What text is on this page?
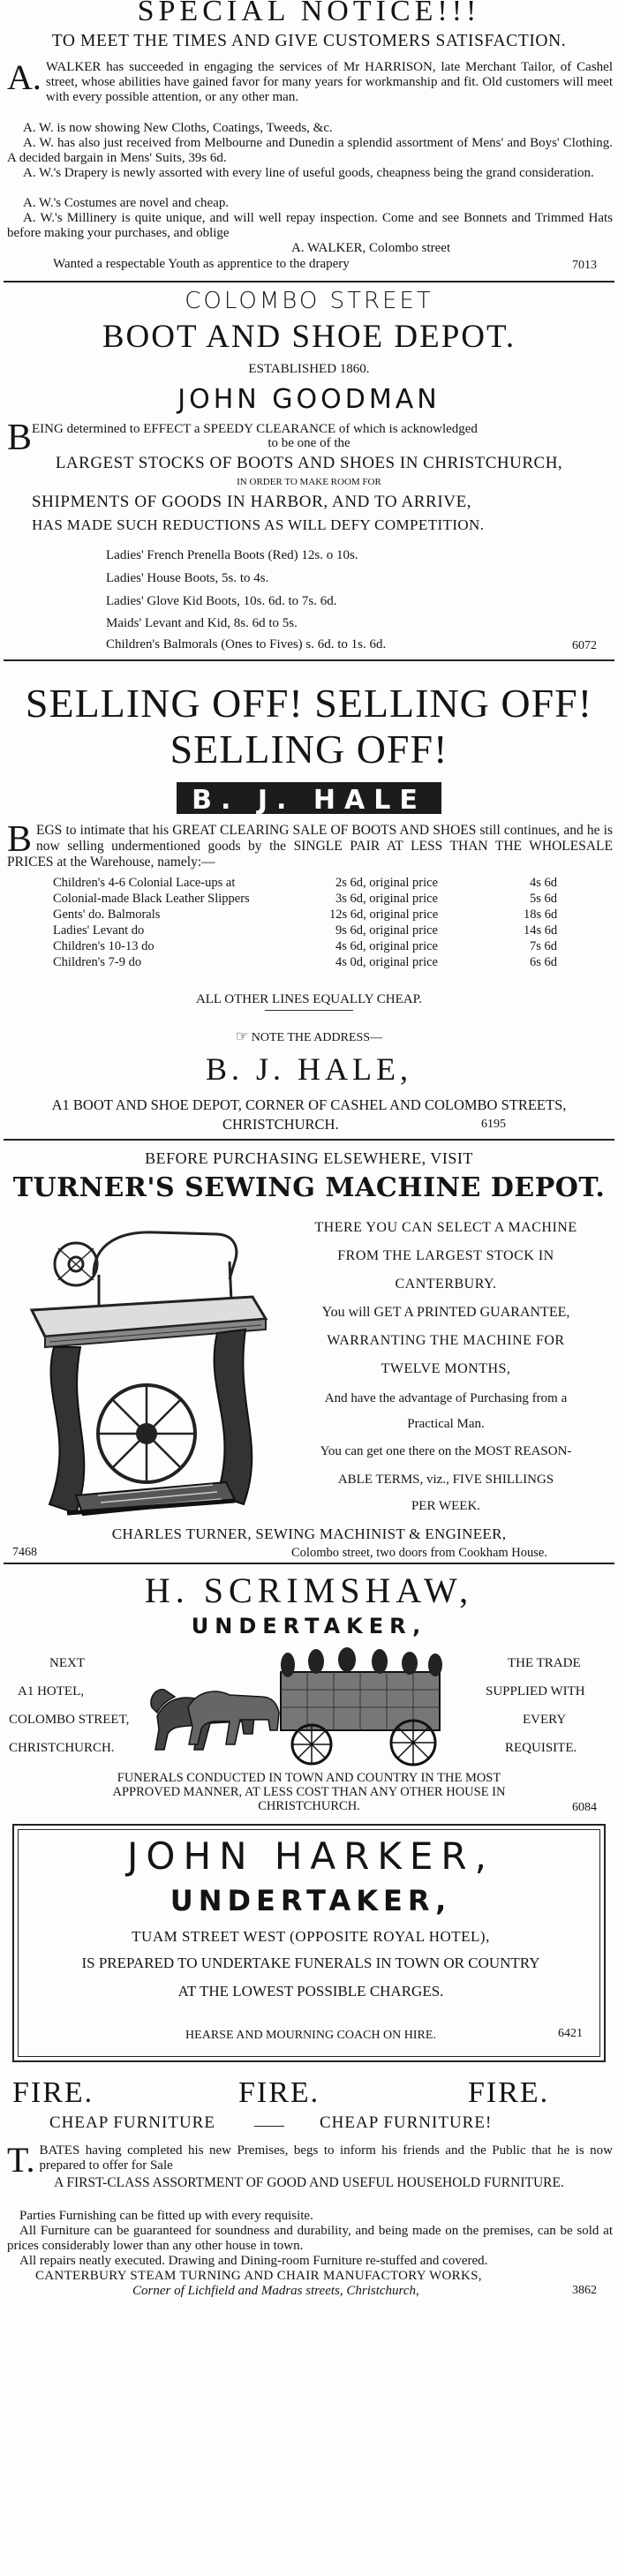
SPECIAL NOTICE!!!
TO MEET THE TIMES AND GIVE CUSTOMERS SATISFACTION.
A. WALKER has succeeded in engaging the services of Mr HARRISON, late Merchant Tailor, of Cashel street, whose abilities have gained favor for many years for workmanship and fit. Old customers will meet with every possible attention, or any other man.
A. W. is now showing New Cloths, Coatings, Tweeds, &c.
A. W. has also just received from Melbourne and Dunedin a splendid assortment of Mens' and Boys' Clothing. A decided bargain in Mens' Suits, 39s 6d.
A. W.'s Drapery is newly assorted with every line of useful goods, cheapness being the grand consideration.
A. W.'s Costumes are novel and cheap.
A. W.'s Millinery is quite unique, and will well repay inspection. Come and see Bonnets and Trimmed Hats before making your purchases, and oblige
A. WALKER, Colombo street
Wanted a respectable Youth as apprentice to the drapery	7013
COLOMBO STREET
BOOT AND SHOE DEPOT.
ESTABLISHED 1860.
JOHN GOODMAN
B EING determined to EFFECT a SPEEDY CLEARANCE of which is acknowledged
to be one of the
LARGEST STOCKS OF BOOTS AND SHOES IN CHRISTCHURCH,
IN ORDER TO MAKE ROOM FOR
SHIPMENTS OF GOODS IN HARBOR, AND TO ARRIVE,
HAS MADE SUCH REDUCTIONS AS WILL DEFY COMPETITION.
Ladies' French Prenella Boots (Red) 12s. o 10s.
Ladies' House Boots, 5s. to 4s.
Ladies' Glove Kid Boots, 10s. 6d. to 7s. 6d.
Maids' Levant and Kid, 8s. 6d to 5s.
Children's Balmorals (Ones to Fives) s. 6d. to 1s. 6d.	6072
SELLING OFF! SELLING OFF!
SELLING OFF!
B. J. HALE
B EGS to intimate that his GREAT CLEARING SALE OF BOOTS AND SHOES still continues, and he is now selling undermentioned goods by the SINGLE PAIR AT LESS THAN THE WHOLESALE PRICES at the Warehouse, namely:—
Children's 4-6 Colonial Lace-ups at	2s 6d, original price	4s 6d
Colonial-made Black Leather Slippers	3s 6d, original price	5s 6d
Gents' do. Balmorals	12s 6d, original price	18s 6d
Ladies' Levant do	9s 6d, original price	14s 6d
Children's 10-13 do	4s 6d, original price	7s 6d
Children's 7-9 do	4s 0d, original price	6s 6d
ALL OTHER LINES EQUALLY CHEAP.
☞ NOTE THE ADDRESS—
B. J. HALE,
A1 BOOT AND SHOE DEPOT, CORNER OF CASHEL AND COLOMBO STREETS,
CHRISTCHURCH.	6195
BEFORE PURCHASING ELSEWHERE, VISIT
TURNER'S SEWING MACHINE DEPOT.
THERE YOU CAN SELECT A MACHINE
FROM THE LARGEST STOCK IN
CANTERBURY.
You will GET A PRINTED GUARANTEE,
WARRANTING THE MACHINE FOR
TWELVE MONTHS,
And have the advantage of Purchasing from a
Practical Man.
You can get one there on the MOST REASON-
ABLE TERMS, viz., FIVE SHILLINGS
PER WEEK.
CHARLES TURNER, SEWING MACHINIST & ENGINEER,
7468	Colombo street, two doors from Cookham House.
H. SCRIMSHAW,
UNDERTAKER,
NEXT
A1 HOTEL,
COLOMBO STREET,
CHRISTCHURCH.
THE TRADE
SUPPLIED WITH
EVERY
REQUISITE.
FUNERALS CONDUCTED IN TOWN AND COUNTRY IN THE MOST
APPROVED MANNER, AT LESS COST THAN ANY OTHER HOUSE IN
CHRISTCHURCH.	6084
JOHN HARKER,
UNDERTAKER,
TUAM STREET WEST (OPPOSITE ROYAL HOTEL),
IS PREPARED TO UNDERTAKE FUNERALS IN TOWN OR COUNTRY
AT THE LOWEST POSSIBLE CHARGES.
HEARSE AND MOURNING COACH ON HIRE.	6421
FIRE.	FIRE.	FIRE.
CHEAP FURNITURE	CHEAP FURNITURE!
T. BATES having completed his new Premises, begs to inform his friends and the Public that he is now prepared to offer for Sale
A FIRST-CLASS ASSORTMENT OF GOOD AND USEFUL HOUSEHOLD FURNITURE.
Parties Furnishing can be fitted up with every requisite.
All Furniture can be guaranteed for soundness and durability, and being made on the premises, can be sold at prices considerably lower than any other house in town.
All repairs neatly executed. Drawing and Dining-room Furniture re-stuffed and covered.
CANTERBURY STEAM TURNING AND CHAIR MANUFACTORY WORKS,
Corner of Lichfield and Madras streets, Christchurch,	3862
